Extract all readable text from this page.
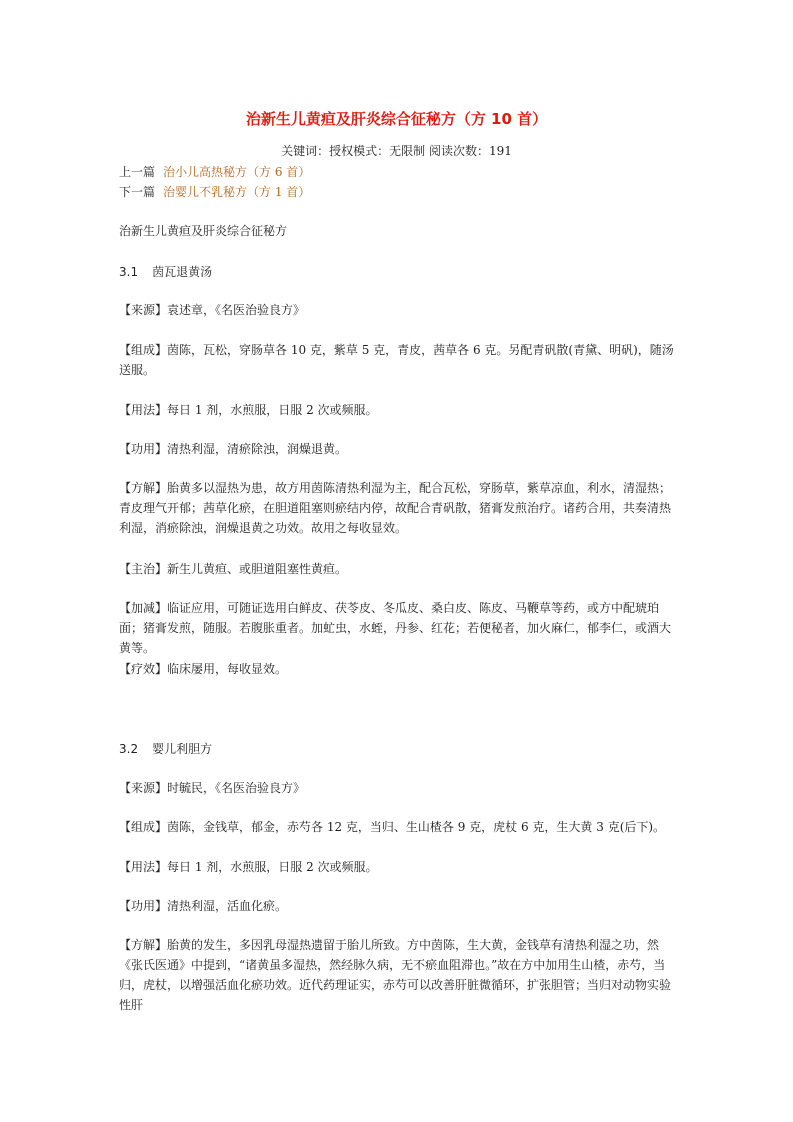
治新生儿黄疸及肝炎综合征秘方（方 10 首）
关键词：授权模式：无限制 阅读次数：191
上一篇 治小儿高热秘方（方 6 首）
下一篇 治婴儿不乳秘方（方 1 首）

治新生儿黄疸及肝炎综合征秘方

3.1 茵瓦退黄汤

【来源】袁述章，《名医治验良方》

【组成】茵陈，瓦松，穿肠草各 10 克，紫草 5 克，青皮，茜草各 6 克。另配青矾散(青黛、明矾)，随汤送服。

【用法】每日 1 剂，水煎服，日服 2 次或频服。

【功用】清热利湿，清瘀除浊，润燥退黄。

【方解】胎黄多以湿热为患，故方用茵陈清热利湿为主，配合瓦松，穿肠草，紫草凉血，利水，清湿热；青皮理气开郁；茜草化瘀，在胆道阻塞则瘀结内停，故配合青矾散，猪膏发煎治疗。诸药合用，共奏清热利湿，消瘀除浊，润燥退黄之功效。故用之每收显效。

【主治】新生儿黄疸、或胆道阻塞性黄疸。

【加减】临证应用，可随证选用白鲜皮、茯苓皮、冬瓜皮、桑白皮、陈皮、马鞭草等药，或方中配琥珀面；猪膏发煎，随服。若腹胀重者。加虻虫，水蛭，丹参、红花；若便秘者，加火麻仁，郁李仁，或酒大黄等。

【疗效】临床屡用，每收显效。

3.2 婴儿利胆方

【来源】时毓民，《名医治验良方》

【组成】茵陈，金钱草，郁金，赤芍各 12 克，当归、生山楂各 9 克，虎杖 6 克，生大黄 3 克(后下)。

【用法】每日 1 剂，水煎服，日服 2 次或频服。

【功用】清热利湿，活血化瘀。

【方解】胎黄的发生，多因乳母湿热遗留于胎儿所致。方中茵陈，生大黄，金钱草有清热利湿之功，然《张氏医通》中提到，“诸黄虽多湿热，然经脉久病，无不瘀血阻滞也。”故在方中加用生山楂，赤芍，当归，虎杖，以增强活血化瘀功效。近代药理证实，赤芍可以改善肝脏微循环，扩张胆管；当归对动物实验性肝
